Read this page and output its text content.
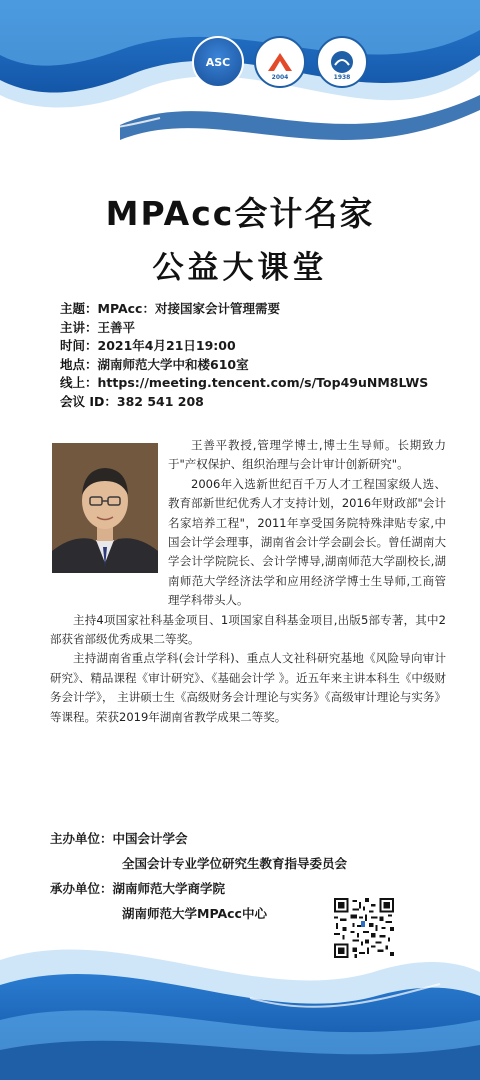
ASC
2004	1938
MPAcc会计名家
公益大课堂
主题：MPAcc：对接国家会计管理需要
主讲：王善平
时间：2021年4月21日19:00
地点：湖南师范大学中和楼610室
线上：https://meeting.tencent.com/s/Top49uNM8LWS
会议 ID：382 541 208

王善平教授,管理学博士,博士生导师。长期致力于"产权保护、组织治理与会计审计创新研究"。

2006年入选新世纪百千万人才工程国家级人选、教育部新世纪优秀人才支持计划，2016年财政部"会计名家培养工程"，2011年享受国务院特殊津贴专家,中国会计学会理事，湖南省会计学会副会长。曾任湖南大学会计学院院长、会计学博导,湖南师范大学副校长,湖南师范大学经济法学和应用经济学博士生导师,工商管理学科带头人。

主持4项国家社科基金项目、1项国家自科基金项目,出版5部专著，其中2部获省部级优秀成果二等奖。

主持湖南省重点学科(会计学科)、重点人文社科研究基地《风险导向审计研究》、精品课程《审计研究》、《基础会计学 》。近五年来主讲本科生《中级财务会计学》， 主讲硕士生《高级财务会计理论与实务》《高级审计理论与实务》 等课程。荣获2019年湖南省教学成果二等奖。

主办单位：中国会计学会
全国会计专业学位研究生教育指导委员会
承办单位：湖南师范大学商学院
湖南师范大学MPAcc中心
